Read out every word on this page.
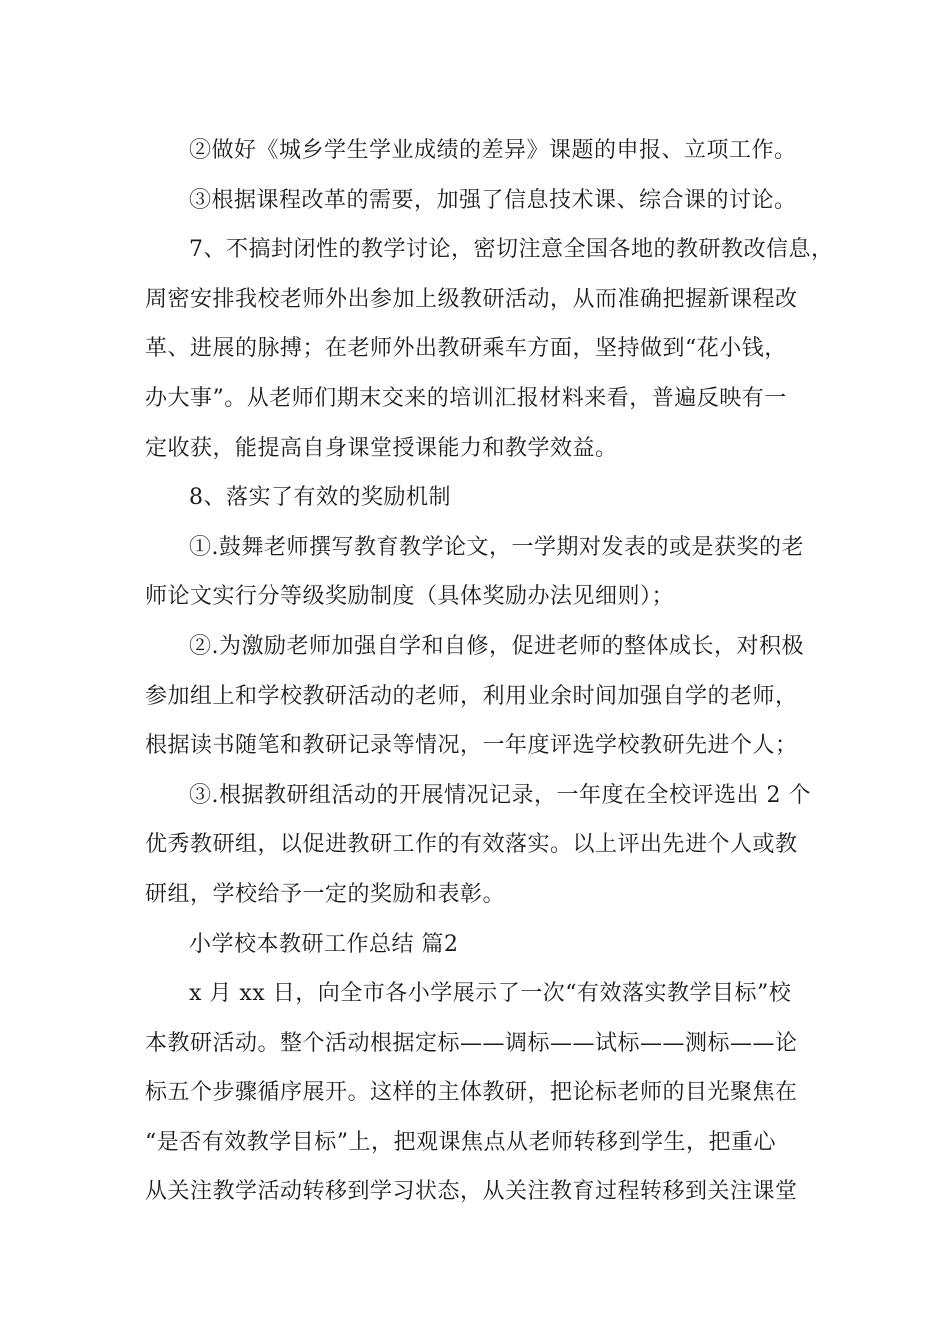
②做好《城乡学生学业成绩的差异》课题的申报、立项工作。
③根据课程改革的需要，加强了信息技术课、综合课的讨论。
7、不搞封闭性的教学讨论，密切注意全国各地的教研教改信息，
周密安排我校老师外出参加上级教研活动，从而准确把握新课程改
革、进展的脉搏；在老师外出教研乘车方面，坚持做到“花小钱，
办大事”。从老师们期末交来的培训汇报材料来看，普遍反映有一
定收获，能提高自身课堂授课能力和教学效益。
8、落实了有效的奖励机制
①.鼓舞老师撰写教育教学论文，一学期对发表的或是获奖的老
师论文实行分等级奖励制度（具体奖励办法见细则）；
②.为激励老师加强自学和自修，促进老师的整体成长，对积极
参加组上和学校教研活动的老师，利用业余时间加强自学的老师，
根据读书随笔和教研记录等情况，一年度评选学校教研先进个人；
③.根据教研组活动的开展情况记录，一年度在全校评选出 2 个
优秀教研组，以促进教研工作的有效落实。以上评出先进个人或教
研组，学校给予一定的奖励和表彰。
小学校本教研工作总结 篇2
x 月 xx 日，向全市各小学展示了一次“有效落实教学目标”校
本教研活动。整个活动根据定标——调标——试标——测标——论
标五个步骤循序展开。这样的主体教研，把论标老师的目光聚焦在
“是否有效教学目标”上，把观课焦点从老师转移到学生，把重心
从关注教学活动转移到学习状态，从关注教育过程转移到关注课堂
